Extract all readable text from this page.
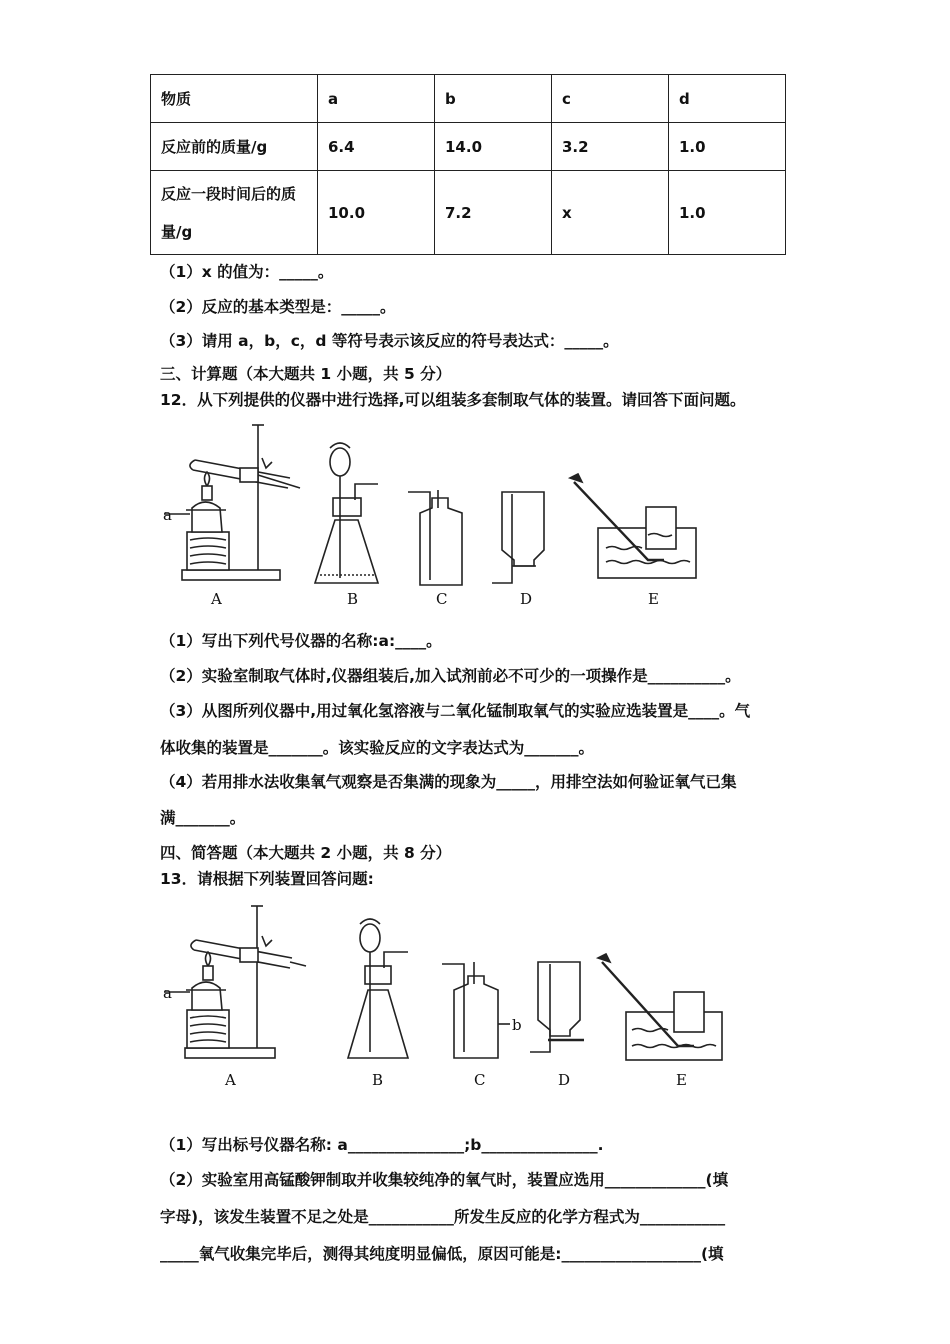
物质	a	b	c	d
反应前的质量/g	6.4	14.0	3.2	1.0
反应一段时间后的质量/g	10.0	7.2	x	1.0
（1）x 的值为：_____。
（2）反应的基本类型是：_____。
（3）请用 a，b，c，d 等符号表示该反应的符号表达式：_____。
三、计算题（本大题共 1 小题，共 5 分）
12．从下列提供的仪器中进行选择,可以组装多套制取气体的装置。请回答下面问题。
a
A	B	C	D	E
（1）写出下列代号仪器的名称:a:____。
（2）实验室制取气体时,仪器组装后,加入试剂前必不可少的一项操作是__________。
（3）从图所列仪器中,用过氧化氢溶液与二氧化锰制取氧气的实验应选装置是____。气
体收集的装置是_______。该实验反应的文字表达式为_______。
（4）若用排水法收集氧气观察是否集满的现象为_____，用排空法如何验证氧气已集
满_______。
四、简答题（本大题共 2 小题，共 8 分）
13．请根据下列装置回答问题:
a
b
A	B	C	D	E
（1）写出标号仪器名称: a_______________;b_______________.
（2）实验室用高锰酸钾制取并收集较纯净的氧气时，装置应选用_____________(填
字母)，该发生装置不足之处是___________所发生反应的化学方程式为___________
_____氧气收集完毕后，测得其纯度明显偏低，原因可能是:__________________(填
